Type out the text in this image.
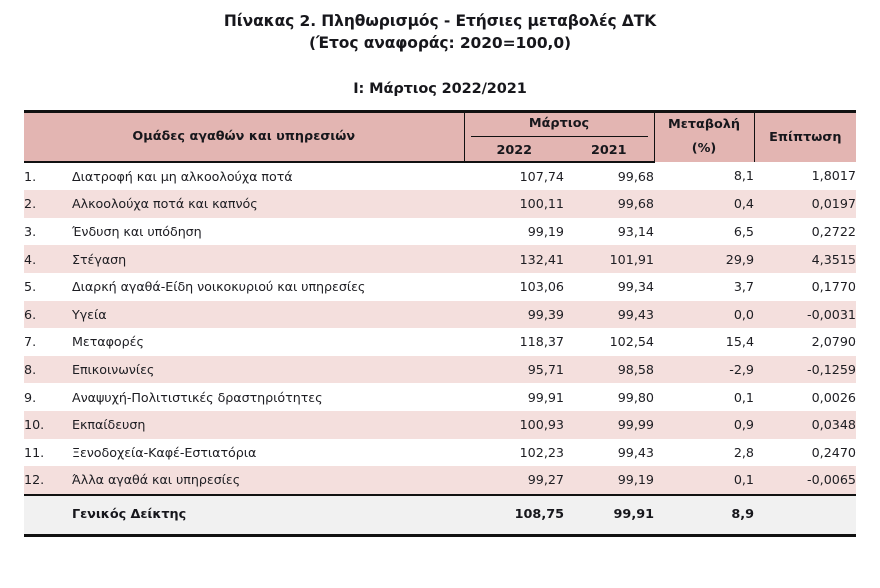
Πίνακας 2. Πληθωρισμός - Ετήσιες μεταβολές ΔΤΚ
(Έτος αναφοράς: 2020=100,0)
Ι: Μάρτιος 2022/2021
Ομάδες αγαθών και υπηρεσιών		Μάρτιος		Μεταβολή
(%)	Επίπτωση
		2022	2021		
1.	Διατροφή και μη αλκοολούχα ποτά	107,74	99,68	8,1	1,8017
2.	Αλκοολούχα ποτά και καπνός	100,11	99,68	0,4	0,0197
3.	Ένδυση και υπόδηση	99,19	93,14	6,5	0,2722
4.	Στέγαση	132,41	101,91	29,9	4,3515
5.	Διαρκή αγαθά-Είδη νοικοκυριού και υπηρεσίες	103,06	99,34	3,7	0,1770
6.	Υγεία	99,39	99,43	0,0	-0,0031
7.	Μεταφορές	118,37	102,54	15,4	2,0790
8.	Επικοινωνίες	95,71	98,58	-2,9	-0,1259
9.	Αναψυχή-Πολιτιστικές δραστηριότητες	99,91	99,80	0,1	0,0026
10.	Εκπαίδευση	100,93	99,99	0,9	0,0348
11.	Ξενοδοχεία-Καφέ-Εστιατόρια	102,23	99,43	2,8	0,2470
12.	Άλλα αγαθά και υπηρεσίες	99,27	99,19	0,1	-0,0065
	Γενικός Δείκτης	108,75	99,91	8,9	
